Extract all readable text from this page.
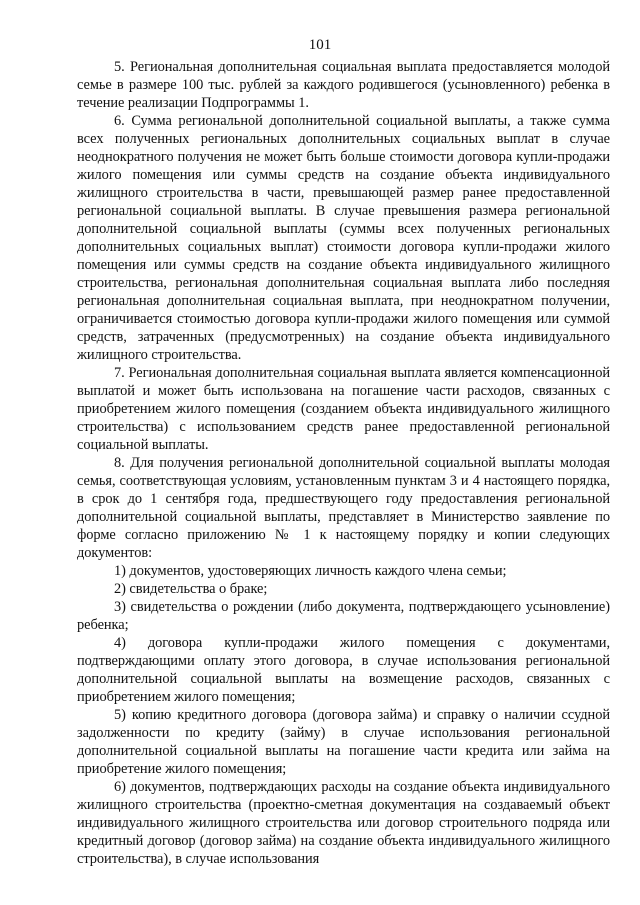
101

5. Региональная дополнительная социальная выплата предоставляется молодой семье в размере 100 тыс. рублей за каждого родившегося (усыновленного) ребенка в течение реализации Подпрограммы 1.

6. Сумма региональной дополнительной социальной выплаты, а также сумма всех полученных региональных дополнительных социальных выплат в случае неоднократного получения не может быть больше стоимости договора купли-продажи жилого помещения или суммы средств на создание объекта индивидуального жилищного строительства в части, превышающей размер ранее предоставленной региональной социальной выплаты. В случае превышения размера региональной дополнительной социальной выплаты (суммы всех полученных региональных дополнительных социальных выплат) стоимости договора купли-продажи жилого помещения или суммы средств на создание объекта индивидуального жилищного строительства, региональная дополнительная социальная выплата либо последняя региональная дополнительная социальная выплата, при неоднократном получении, ограничивается стоимостью договора купли-продажи жилого помещения или суммой средств, затраченных (предусмотренных) на создание объекта индивидуального жилищного строительства.

7. Региональная дополнительная социальная выплата является компенсационной выплатой и может быть использована на погашение части расходов, связанных с приобретением жилого помещения (созданием объекта индивидуального жилищного строительства) с использованием средств ранее предоставленной региональной социальной выплаты.

8. Для получения региональной дополнительной социальной выплаты молодая семья, соответствующая условиям, установленным пунктам 3 и 4 настоящего порядка, в срок до 1 сентября года, предшествующего году предоставления региональной дополнительной социальной выплаты, представляет в Министерство заявление по форме согласно приложению № 1 к настоящему порядку и копии следующих документов:

1) документов, удостоверяющих личность каждого члена семьи;

2) свидетельства о браке;

3) свидетельства о рождении (либо документа, подтверждающего усыновление) ребенка;

4) договора купли-продажи жилого помещения с документами, подтверждающими оплату этого договора, в случае использования региональной дополнительной социальной выплаты на возмещение расходов, связанных с приобретением жилого помещения;

5) копию кредитного договора (договора займа) и справку о наличии ссудной задолженности по кредиту (займу) в случае использования региональной дополнительной социальной выплаты на погашение части кредита или займа на приобретение жилого помещения;

6) документов, подтверждающих расходы на создание объекта индивидуального жилищного строительства (проектно-сметная документация на создаваемый объект индивидуального жилищного строительства или договор строительного подряда или кредитный договор (договор займа) на создание объекта индивидуального жилищного строительства), в случае использования
